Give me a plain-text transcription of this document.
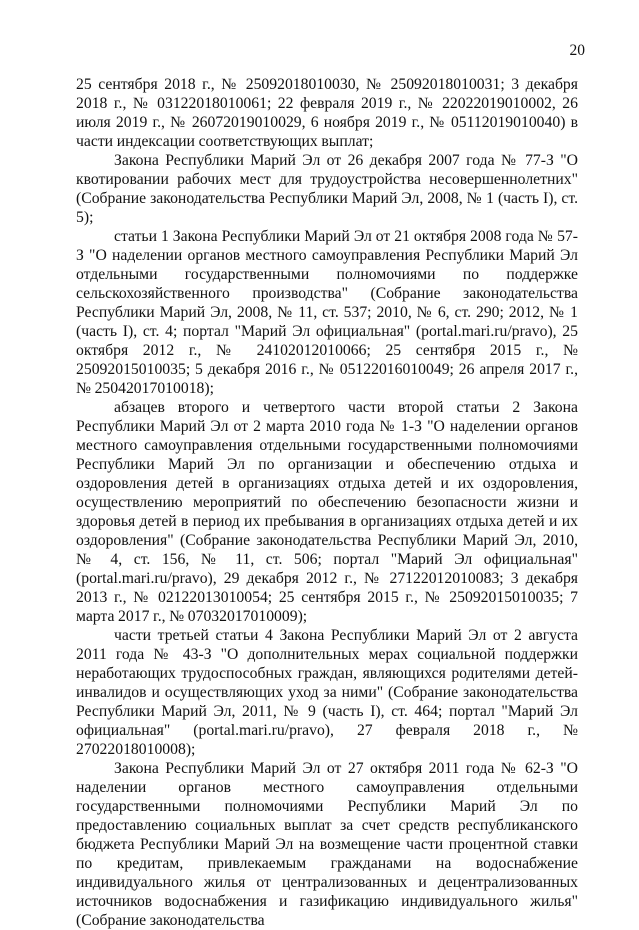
20

25 сентября 2018 г., № 25092018010030, № 25092018010031; 3 декабря 2018 г., № 03122018010061; 22 февраля 2019 г., № 22022019010002, 26 июля 2019 г., № 26072019010029, 6 ноября 2019 г., № 05112019010040) в части индексации соответствующих выплат;

Закона Республики Марий Эл от 26 декабря 2007 года № 77-З "О квотировании рабочих мест для трудоустройства несовершеннолетних" (Собрание законодательства Республики Марий Эл, 2008, № 1 (часть I), ст. 5);

статьи 1 Закона Республики Марий Эл от 21 октября 2008 года № 57-З "О наделении органов местного самоуправления Республики Марий Эл отдельными государственными полномочиями по поддержке сельскохозяйственного производства" (Собрание законодательства Республики Марий Эл, 2008, № 11, ст. 537; 2010, № 6, ст. 290; 2012, № 1 (часть I), ст. 4; портал "Марий Эл официальная" (portal.mari.ru/pravo), 25 октября 2012 г., № 24102012010066; 25 сентября 2015 г., № 25092015010035; 5 декабря 2016 г., № 05122016010049; 26 апреля 2017 г., № 25042017010018);

абзацев второго и четвертого части второй статьи 2 Закона Республики Марий Эл от 2 марта 2010 года № 1-З "О наделении органов местного самоуправления отдельными государственными полномочиями Республики Марий Эл по организации и обеспечению отдыха и оздоровления детей в организациях отдыха детей и их оздоровления, осуществлению мероприятий по обеспечению безопасности жизни и здоровья детей в период их пребывания в организациях отдыха детей и их оздоровления" (Собрание законодательства Республики Марий Эл, 2010, № 4, ст. 156, № 11, ст. 506; портал "Марий Эл официальная" (portal.mari.ru/pravo), 29 декабря 2012 г., № 27122012010083; 3 декабря 2013 г., № 02122013010054; 25 сентября 2015 г., № 25092015010035; 7 марта 2017 г., № 07032017010009);

части третьей статьи 4 Закона Республики Марий Эл от 2 августа 2011 года № 43-З "О дополнительных мерах социальной поддержки неработающих трудоспособных граждан, являющихся родителями детей-инвалидов и осуществляющих уход за ними" (Собрание законодательства Республики Марий Эл, 2011, № 9 (часть I), ст. 464; портал "Марий Эл официальная" (portal.mari.ru/pravo), 27 февраля 2018 г., № 27022018010008);

Закона Республики Марий Эл от 27 октября 2011 года № 62-З "О наделении органов местного самоуправления отдельными государственными полномочиями Республики Марий Эл по предоставлению социальных выплат за счет средств республиканского бюджета Республики Марий Эл на возмещение части процентной ставки по кредитам, привлекаемым гражданами на водоснабжение индивидуального жилья от централизованных и децентрализованных источников водоснабжения и газификацию индивидуального жилья" (Собрание законодательства
